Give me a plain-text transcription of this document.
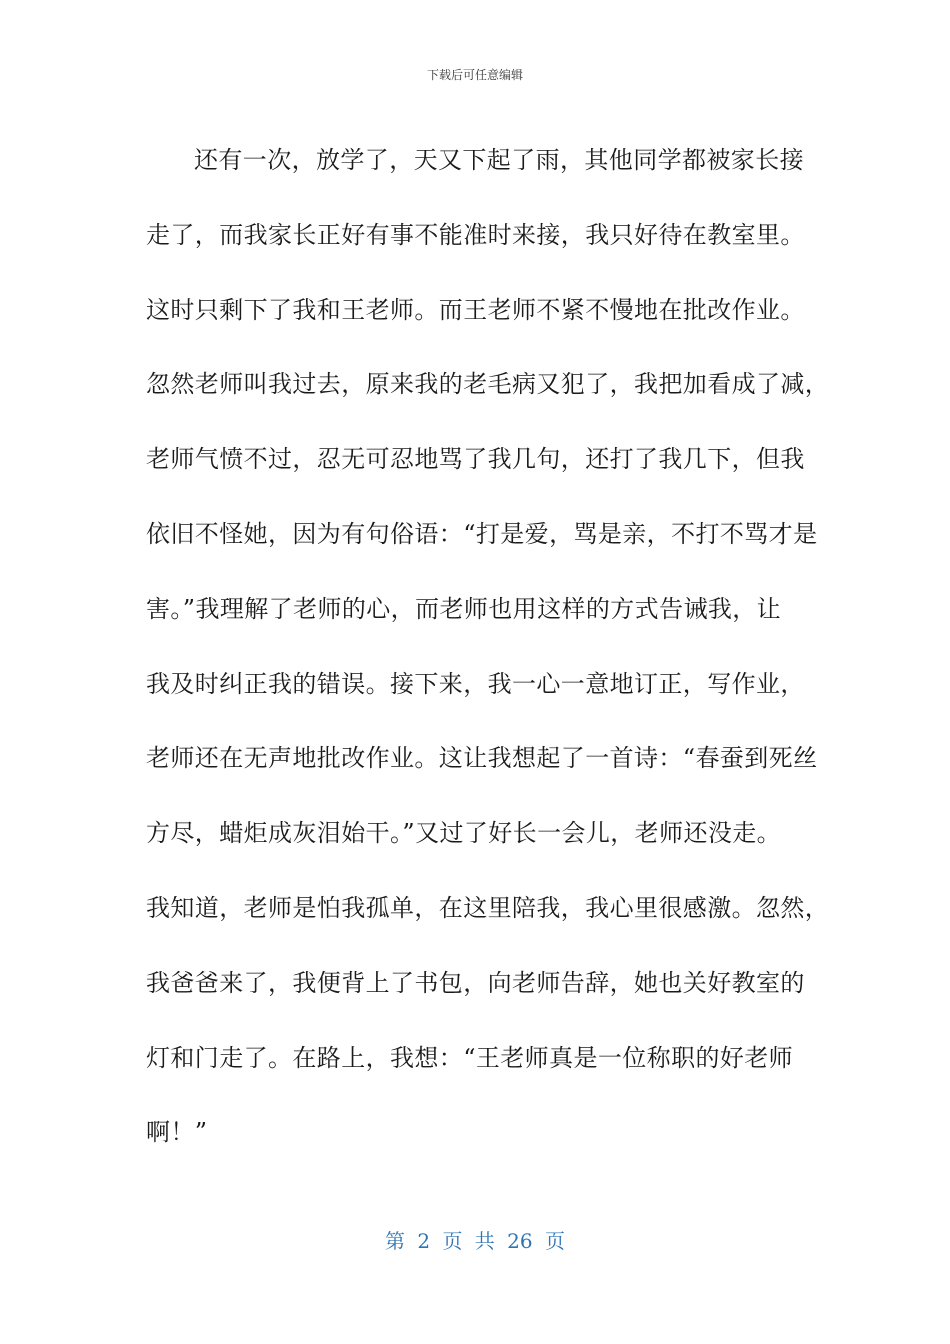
下载后可任意编辑
还有一次，放学了，天又下起了雨，其他同学都被家长接
走了，而我家长正好有事不能准时来接，我只好待在教室里。
这时只剩下了我和王老师。而王老师不紧不慢地在批改作业。
忽然老师叫我过去，原来我的老毛病又犯了，我把加看成了减，
老师气愤不过，忍无可忍地骂了我几句，还打了我几下，但我
依旧不怪她，因为有句俗语：“打是爱，骂是亲，不打不骂才是
害。”我理解了老师的心，而老师也用这样的方式告诫我，让
我及时纠正我的错误。接下来，我一心一意地订正，写作业，
老师还在无声地批改作业。这让我想起了一首诗：“春蚕到死丝
方尽，蜡炬成灰泪始干。”又过了好长一会儿，老师还没走。
我知道，老师是怕我孤单，在这里陪我，我心里很感激。忽然，
我爸爸来了，我便背上了书包，向老师告辞，她也关好教室的
灯和门走了。在路上，我想：“王老师真是一位称职的好老师
啊！”
第 2 页 共 26 页
